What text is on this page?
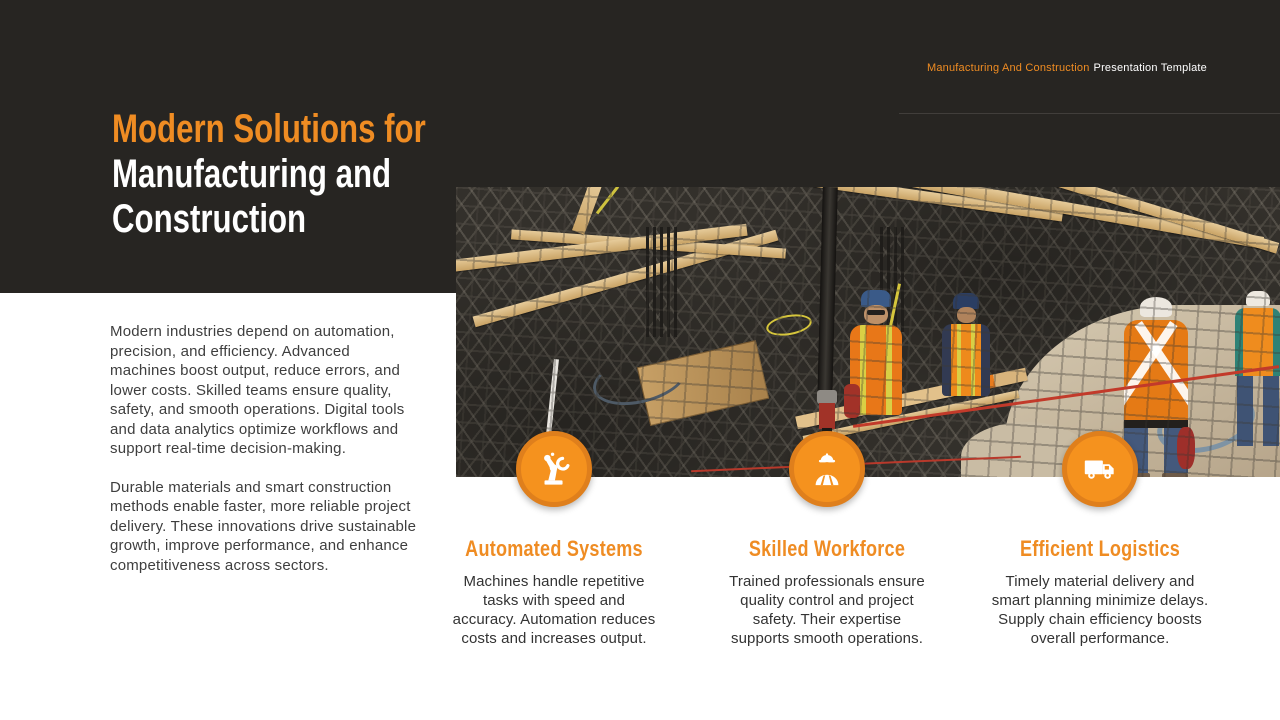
Manufacturing And Construction Presentation Template
Modern Solutions for
Manufacturing and
Construction

Modern industries depend on automation,
precision, and efficiency. Advanced
machines boost output, reduce errors, and
lower costs. Skilled teams ensure quality,
safety, and smooth operations. Digital tools
and data analytics optimize workflows and
support real-time decision-making.

Durable materials and smart construction
methods enable faster, more reliable project
delivery. These innovations drive sustainable
growth, improve performance, and enhance
competitiveness across sectors.

Automated Systems

Machines handle repetitive
tasks with speed and
accuracy. Automation reduces
costs and increases output.

Skilled Workforce

Trained professionals ensure
quality control and project
safety. Their expertise
supports smooth operations.

Efficient Logistics

Timely material delivery and
smart planning minimize delays.
Supply chain efficiency boosts
overall performance.
